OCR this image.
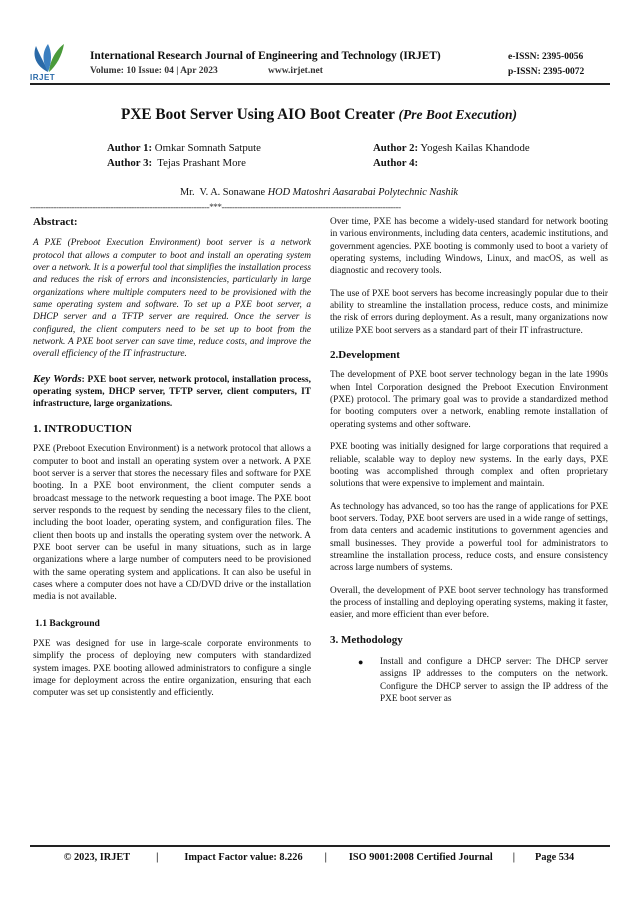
IRJET
International Research Journal of Engineering and Technology (IRJET)
Volume: 10 Issue: 04 | Apr 2023	www.irjet.net
e-ISSN: 2395-0056
p-ISSN: 2395-0072
PXE Boot Server Using AIO Boot Creater (Pre Boot Execution)
Author 1: Omkar Somnath Satpute	Author 2: Yogesh Kailas Khandode
Author 3:  Tejas Prashant More	Author 4:
Mr.  V. A. Sonawane HOD Matoshri Aasarabai Polytechnic Nashik
---------------------------------------------------------------------***---------------------------------------------------------------------
Abstract:

A PXE (Preboot Execution Environment) boot server is a network protocol that allows a computer to boot and install an operating system over a network. It is a powerful tool that simplifies the installation process and reduces the risk of errors and inconsistencies, particularly in large organizations where multiple computers need to be provisioned with the same operating system and software. To set up a PXE boot server, a DHCP server and a TFTP server are required. Once the server is configured, the client computers need to be set up to boot from the network. A PXE boot server can save time, reduce costs, and improve the overall efficiency of the IT infrastructure.

Key Words: PXE boot server, network protocol, installation process, operating system, DHCP server, TFTP server, client computers, IT infrastructure, large organizations.

1. INTRODUCTION

PXE (Preboot Execution Environment) is a network protocol that allows a computer to boot and install an operating system over a network. A PXE boot server is a server that stores the necessary files and software for PXE booting. In a PXE boot environment, the client computer sends a broadcast message to the network requesting a boot image. The PXE boot server responds to the request by sending the necessary files to the client, including the boot loader, operating system, and configuration files. The client then boots up and installs the operating system over the network. A PXE boot server can be useful in many situations, such as in large organizations where a large number of computers need to be provisioned with the same operating system and applications. It can also be useful in cases where a computer does not have a CD/DVD drive or the installation media is not available.

1.1 Background

PXE was designed for use in large-scale corporate environments to simplify the process of deploying new computers with standardized system images. PXE booting allowed administrators to configure a single image for deployment across the entire organization, ensuring that each computer was set up consistently and efficiently.

Over time, PXE has become a widely-used standard for network booting in various environments, including data centers, academic institutions, and government agencies. PXE booting is commonly used to boot a variety of operating systems, including Windows, Linux, and macOS, as well as diagnostic and recovery tools.

The use of PXE boot servers has become increasingly popular due to their ability to streamline the installation process, reduce costs, and minimize the risk of errors during deployment. As a result, many organizations now utilize PXE boot servers as a standard part of their IT infrastructure.

2.Development

The development of PXE boot server technology began in the late 1990s when Intel Corporation designed the Preboot Execution Environment (PXE) protocol. The primary goal was to provide a standardized method for booting computers over a network, enabling remote installation of operating systems and other software.

PXE booting was initially designed for large corporations that required a reliable, scalable way to deploy new systems. In the early days, PXE booting was accomplished through complex and often proprietary solutions that were expensive to implement and maintain.

As technology has advanced, so too has the range of applications for PXE boot servers. Today, PXE boot servers are used in a wide range of settings, from data centers and academic institutions to government agencies and small businesses. They provide a powerful tool for administrators to streamline the installation process, reduce costs, and ensure consistency across large numbers of systems.

Overall, the development of PXE boot server technology has transformed the process of installing and deploying operating systems, making it faster, easier, and more efficient than ever before.

3. Methodology
●	Install and configure a DHCP server: The DHCP server assigns IP addresses to the computers on the network. Configure the DHCP server to assign the IP address of the PXE boot server as
© 2023, IRJET	|	Impact Factor value: 8.226 | ISO 9001:2008 Certified Journal | Page 534
